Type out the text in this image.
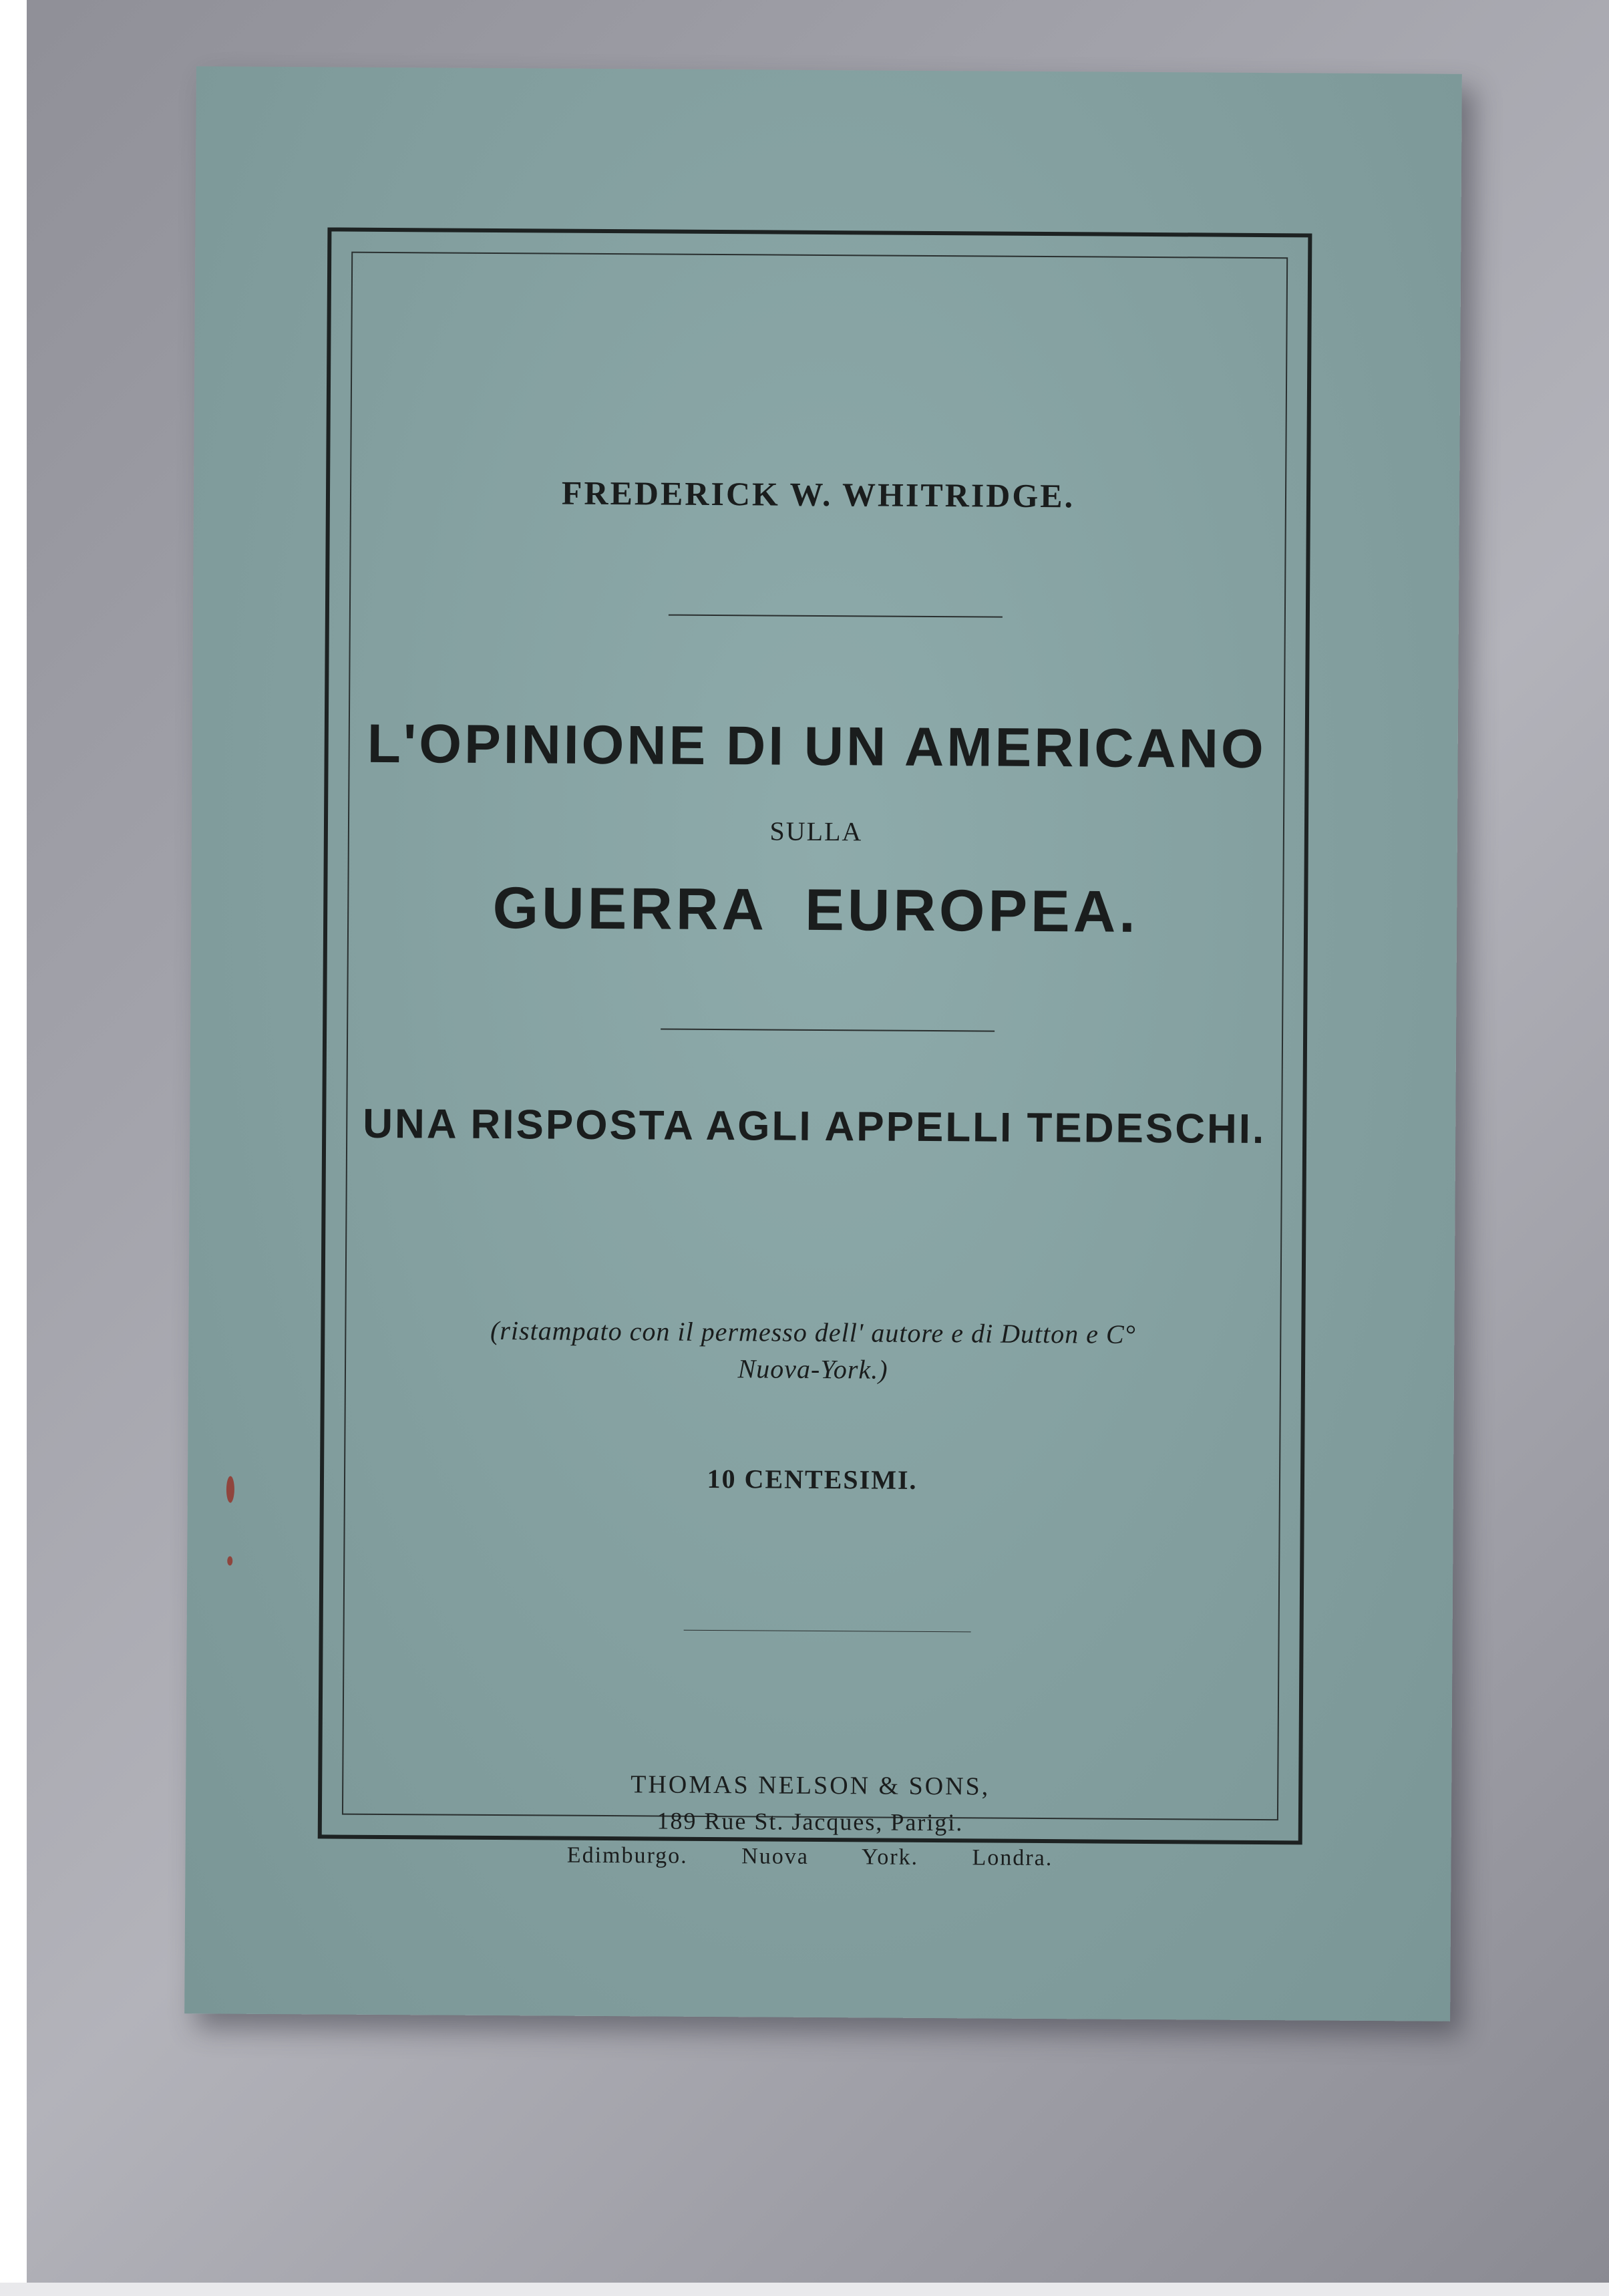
FREDERICK W. WHITRIDGE.
L'OPINIONE DI UN AMERICANO
SULLA
GUERRA EUROPEA.
UNA RISPOSTA AGLI APPELLI TEDESCHI.
(ristampato con il permesso dell' autore e di Dutton e C°
Nuova-York.)
10 CENTESIMI.
THOMAS NELSON & SONS,
189 Rue St. Jacques, Parigi.
Edimburgo. Nuova York. Londra.
